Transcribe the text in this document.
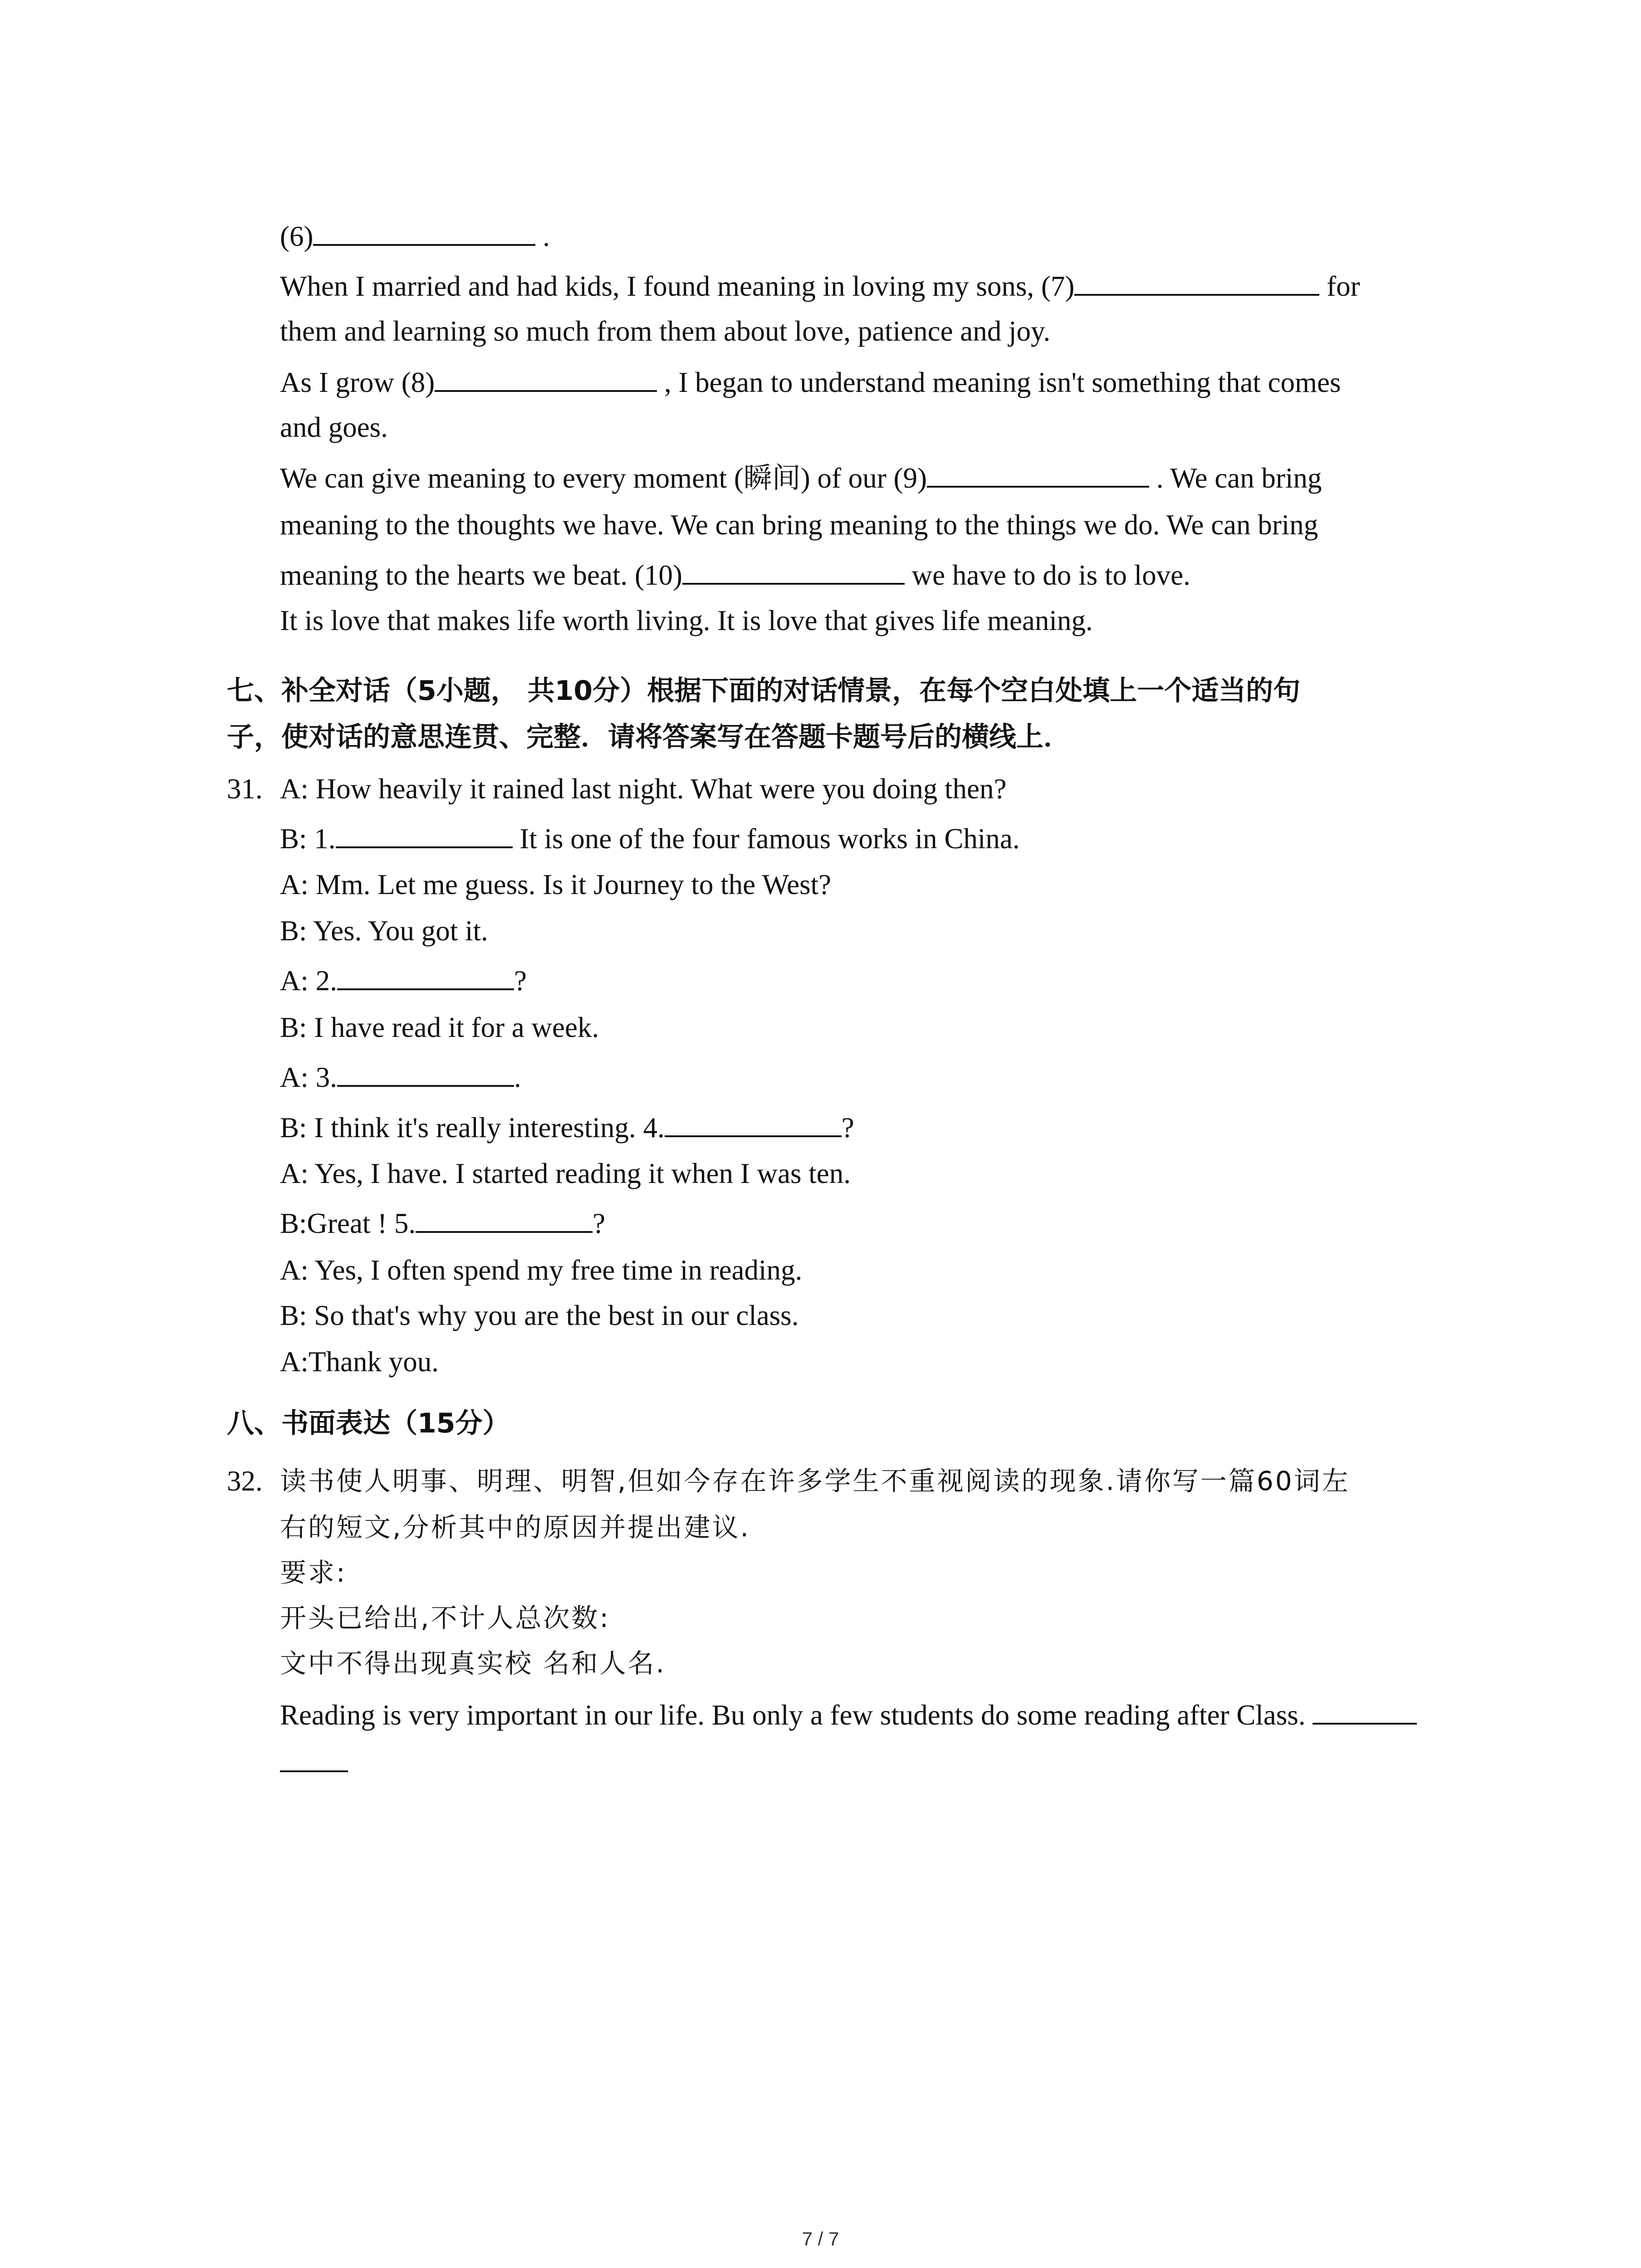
(6)	.
When I married and had kids, I found meaning in loving my sons, (7)	for
them and learning so much from them about love, patience and joy.
As I grow (8)	, I began to understand meaning isn't something that comes
and goes.
We can give meaning to every moment (瞬间) of our (9)	. We can bring
meaning to the thoughts we have. We can bring meaning to the things we do. We can bring
meaning to the hearts we beat. (10)	we have to do is to love.
It is love that makes life worth living. It is love that gives life meaning.
七、补全对话（5小题， 共10分）根据下面的对话情景，在每个空白处填上一个适当的句
子，使对话的意思连贯、完整．请将答案写在答题卡题号后的横线上．
31. A: How heavily it rained last night. What were you doing then?
B: 1.	It is one of the four famous works in China.
A: Mm. Let me guess. Is it Journey to the West?
B: Yes. You got it.
A: 2.	?
B: I have read it for a week.
A: 3.	.
B: I think it's really interesting. 4.	?
A: Yes, I have. I started reading it when I was ten.
B:Great ! 5.	?
A: Yes, I often spend my free time in reading.
B: So that's why you are the best in our class.
A:Thank you.
八、书面表达（15分）
32. 读书使人明事、明理、明智,但如今存在许多学生不重视阅读的现象.请你写一篇60词左
右的短文,分析其中的原因并提出建议.
要求:
开头已给出,不计人总次数:
文中不得出现真实校 名和人名.
Reading is very important in our life. Bu only a few students do some reading after Class.
7 / 7
